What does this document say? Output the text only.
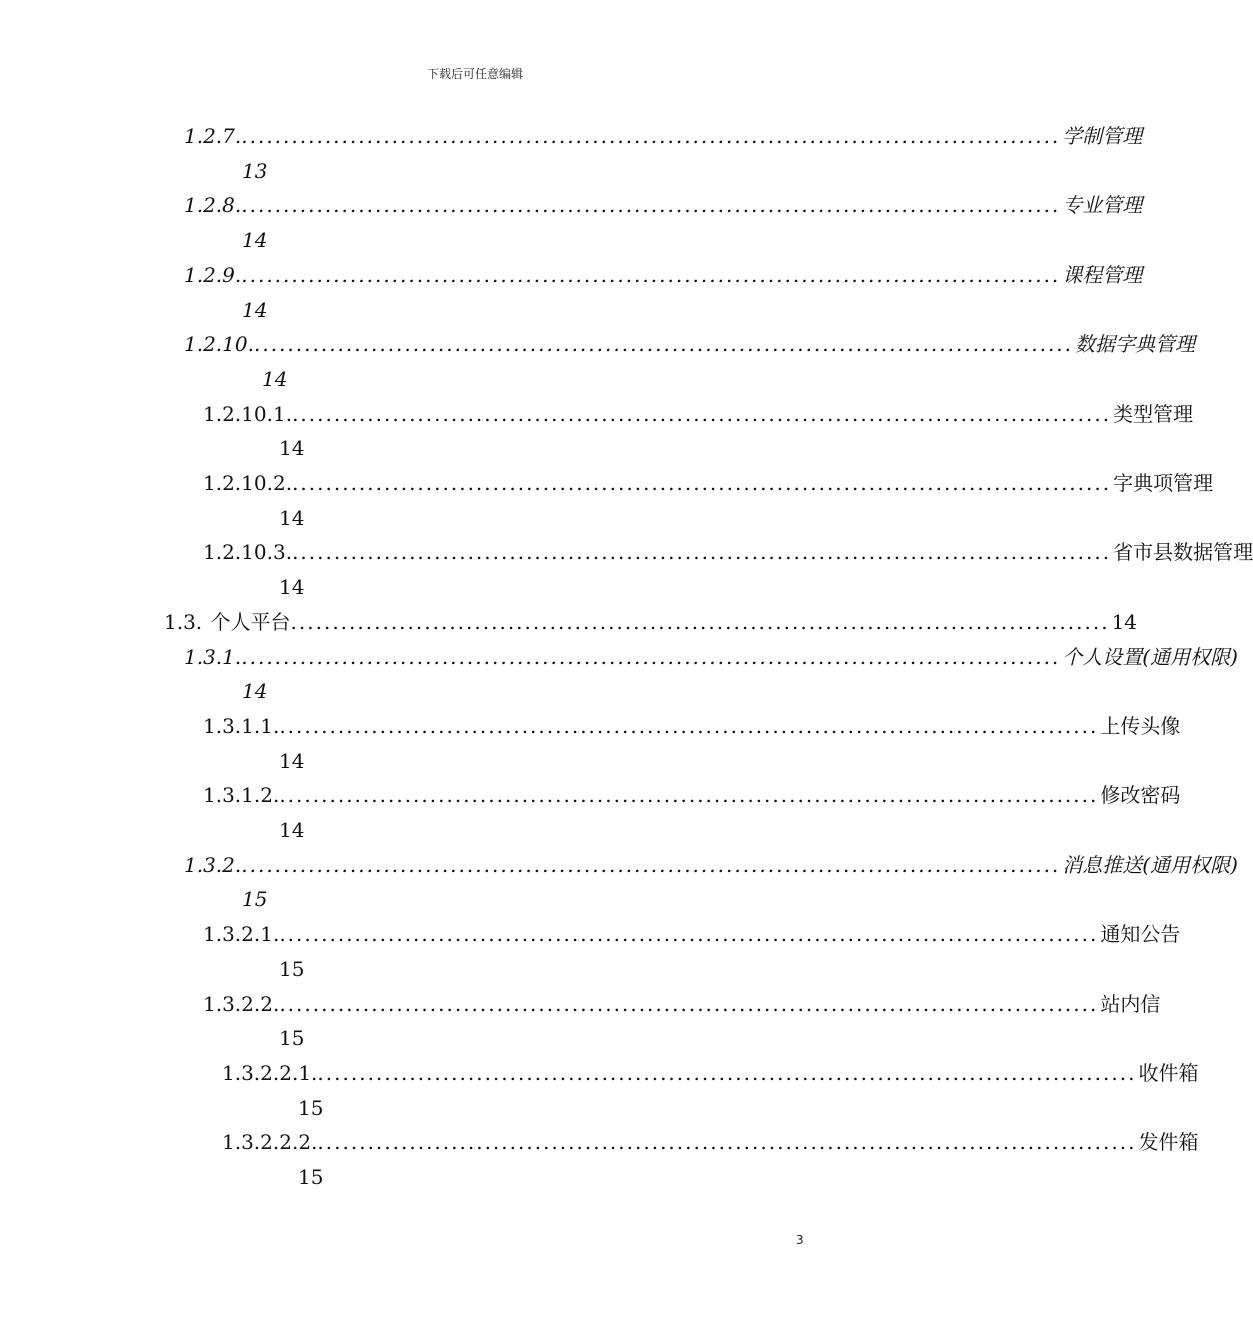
下载后可任意编辑
1.2.7. .................................................................................................. 学制管理
13
1.2.8. .................................................................................................. 专业管理
14
1.2.9. .................................................................................................. 课程管理
14
1.2.10. .................................................................................................. 数据字典管理
14
1.2.10.1. .................................................................................................. 类型管理
14
1.2.10.2. .................................................................................................. 字典项管理
14
1.2.10.3. .................................................................................................. 省市县数据管理
14
1.3. 个人平台 .................................................................................................. 14
1.3.1. .................................................................................................. 个人设置(通用权限)
14
1.3.1.1. .................................................................................................. 上传头像
14
1.3.1.2. .................................................................................................. 修改密码
14
1.3.2. .................................................................................................. 消息推送(通用权限)
15
1.3.2.1. .................................................................................................. 通知公告
15
1.3.2.2. .................................................................................................. 站内信
15
1.3.2.2.1. .................................................................................................. 收件箱
15
1.3.2.2.2. .................................................................................................. 发件箱
15
3
